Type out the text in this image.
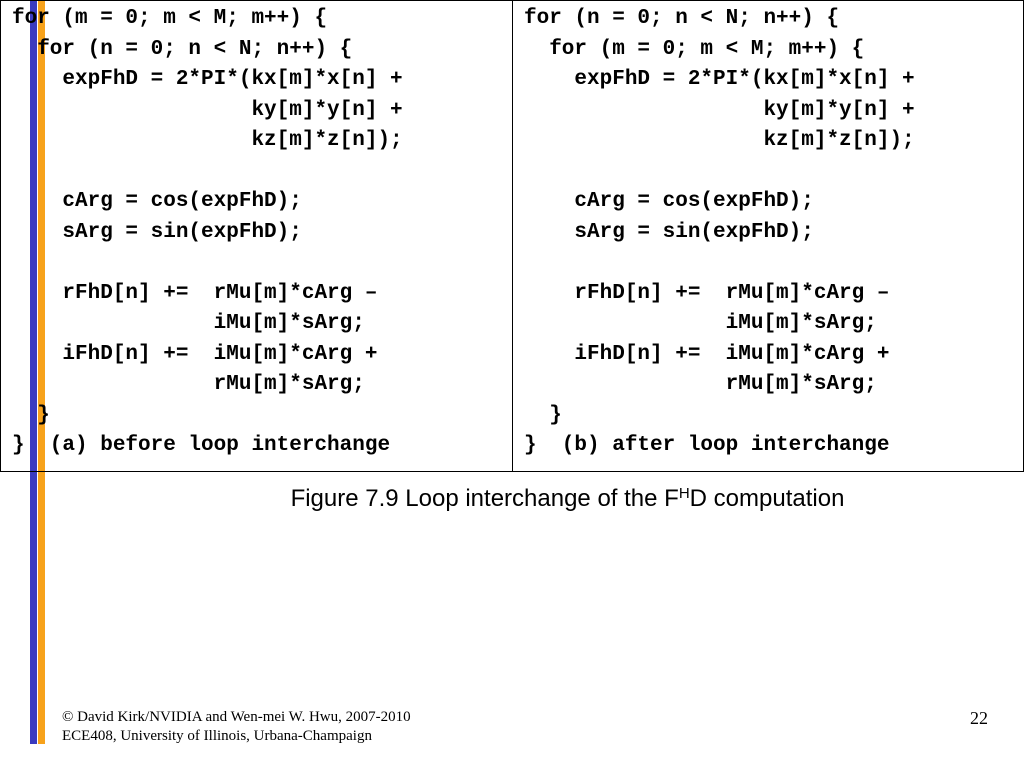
for (m = 0; m < M; m++) {
for (n = 0; n < N; n++) {
expFhD = 2*PI*(kx[m]*x[n] +
ky[m]*y[n] +
kz[m]*z[n]);
cArg = cos(expFhD);
sArg = sin(expFhD);
rFhD[n] +=  rMu[m]*cArg –
iMu[m]*sArg;
iFhD[n] +=  iMu[m]*cArg +
rMu[m]*sArg;
}
}  (a) before loop interchange
for (n = 0; n < N; n++) {
for (m = 0; m < M; m++) {
expFhD = 2*PI*(kx[m]*x[n] +
ky[m]*y[n] +
kz[m]*z[n]);
cArg = cos(expFhD);
sArg = sin(expFhD);
rFhD[n] +=  rMu[m]*cArg –
iMu[m]*sArg;
iFhD[n] +=  iMu[m]*cArg +
rMu[m]*sArg;
}
}  (b) after loop interchange
Figure 7.9 Loop interchange of the $F^HD$ computation
© David Kirk/NVIDIA and Wen-mei W. Hwu, 2007-2010
ECE408, University of Illinois, Urbana-Champaign
22
